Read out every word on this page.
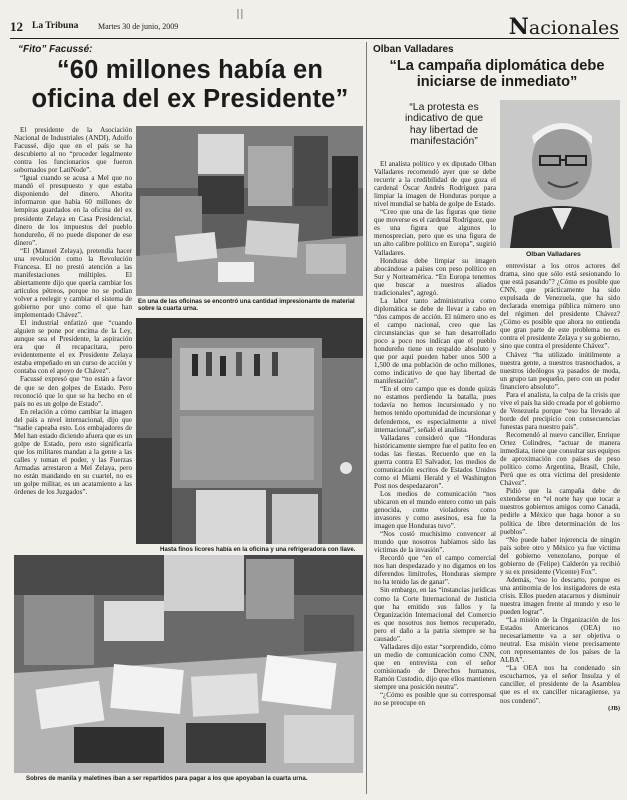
12 La Tribuna Martes 30 de junio, 2009	Nacionales
II
“Fito” Facussé:
“60 millones había en oficina del ex Presidente”

El presidente de la Asociación Nacional de Industriales (ANDI), Adolfo Facussé, dijo que en el país se ha descubierto al no “proceder legalmente contra los funcionarios que fueron sobornados por LatiNode”.

“Igual cuando se acusa a Mel que no mandó el presupuesto y que estaba disponiendo del dinero. Ahorita informaron que había 60 millones de lempiras guardados en la oficina del ex presidente Zelaya en Casa Presidencial, dinero de los impuestos del pueblo hondureño, él no puede disponer de ese dinero”.

“El (Manuel Zelaya), pretendía hacer una revolución como la Revolución Francesa. El no prestó atención a las manifestaciones múltiples. El abiertamente dijo que quería cambiar los artículos pétreos, porque no se podían volver a reelegir y cambiar el sistema de gobierno por uno como el que han implementado Chávez”.

El industrial enfatizó que “cuando alguien se pone por encima de la Ley, aunque sea el Presidente, la aspiración era que él recapacitara, pero evidentemente el ex Presidente Zelaya estaba empeñado en un curso de acción y contaba con el apoyo de Chávez”.

Facussé expresó que “no están a favor de que se den golpes de Estado. Pero reconoció que lo que se ha hecho en el país no es un golpe de Estado”.

En relación a cómo cambiar la imagen del país a nivel internacional, dijo que “nadie capeaba esto. Los embajadores de Mel han estado diciendo afuera que es un golpe de Estado, pero esto significaría que los militares mandan a la gente a las calles y toman el poder, y las Fuerzas Armadas arrestaron a Mel Zelaya, pero no están mandando en su cuartel, no es un golpe militar, es un acatamiento a las órdenes de los Juzgados”.

En una de las oficinas se encontró una cantidad impresionante de material sobre la cuarta urna.
Hasta finos licores había en la oficina y una refrigeradora con llave.
Sobres de manila y maletines iban a ser repartidos para pagar a los que apoyaban la cuarta urna.
Olban Valladares
“La campaña diplomática debe iniciarse de inmediato”
“La protesta es indicativo de que hay libertad de manifestación”
Olban Valladares

El analista político y ex diputado Olban Valladares recomendó ayer que se debe recurrir a la credibilidad de que goza el cardenal Óscar Andrés Rodríguez para limpiar la imagen de Honduras porque a nivel mundial se habla de golpe de Estado.

“Creo que una de las figuras que tiene que moverse es el cardenal Rodríguez, que es una figura que algunos lo menosprecian, pero que es una figura de un alto calibre político en Europa”, sugirió Valladares.

Honduras debe limpiar su imagen abocándose a países con peso político en Sur y Norteamérica. “En Europa tenemos que buscar a nuestros aliados tradicionales”, agregó.

La labor tanto administrativa como diplomática se debe de llevar a cabo en “dos campos de acción. El número uno es el campo nacional, creo que las circunstancias que se han desarrollado poco a poco nos indican que el pueblo hondureño tiene un respaldo absoluto y que por aquí pueden haber unos 500 a 1,500 de una población de ocho millones, como indicativo de que hay libertad de manifestación”.

“En el otro campo que es donde quizás no estamos perdiendo la batalla, pues todavía no hemos incursionado y no hemos tenido oportunidad de incursionar y defendernos, es especialmente a nivel internacional”, señaló el analista.

Valladares consideró que “Honduras históricamente siempre fue el patito feo en todas las fiestas. Recuerdo que en la guerra contra El Salvador, los medios de comunicación escritos de Estados Unidos como el Miami Herald y el Washington Post nos despedazaron”.

Los medios de comunicación “nos ubicaron en el mundo entero como un país genocida, como violadores como invasores y como asesinos, esa fue la imagen que Honduras tuvo”.

“Nos costó muchísimo convencer al mundo que nosotros habíamos sido las víctimas de la invasión”.

Recordó que “en el campo comercial nos han despedazado y no digamos en los diferendos limítrofes, Honduras siempre no ha tenido las de ganar”.

Sin embargo, en las “instancias jurídicas como la Corte Internacional de Justicia que ha emitido sus fallos y la Organización Internacional del Comercio es que nosotros nos hemos recuperado, pero el daño a la patria siempre se ha causado”.

Valladares dijo estar “sorprendido, cómo un medio de comunicación como CNN, que en entrevista con el señor comisionado de Derechos humanos, Ramón Custodio, dijo que ellos mantienen siempre una posición neutra”.

“¿Cómo es posible que su corresponsal no se preocupe en

entrevistar a los otros actores del drama, sino que sólo está sesionando lo que está pasando”? ¿Cómo es posible que CNN, que prácticamente ha sido expulsada de Venezuela, que ha sido declarada enemiga pública número uno del régimen del presidente Chávez? ¿Cómo es posible que ahora no entienda que gran parte de este problema no es contra el presidente Zelaya y su gobierno, sino que contra el presidente Chávez”.

Chávez “ha utilizado inútilmente a nuestra gente, a nuestros trasnochados, a nuestros ideólogos ya pasados de moda, un grupo tan pequeño, pero con un poder financiero absoluto”.

Para el analista, la culpa de la crisis que vive el país ha sido creada por el gobierno de Venezuela porque “eso ha llevado al borde del precipicio con consecuencias funestas para nuestro país”.

Recomendó al nuevo canciller, Enrique Ortez Colindres, “actuar de manera inmediata, tiene que consultar sus equipos de aproximación con países de peso político como Argentina, Brasil, Chile, Perú que es otra víctima del presidente Chávez”.

Pidió que la campaña debe de extenderse en “el norte hay que tocar a nuestros gobiernos amigos como Canadá, pedirle a México que haga honor a su política de libre determinación de los pueblos”.

“No puede haber injerencia de ningún país sobre otro y México ya fue víctima del gobierno venezolano, porque el gobierno de (Felipe) Calderón ya recibió y su ex presidente (Vicente) Fox”.

Además, “eso lo descarto, porque es una antinomia de los instigadores de esta crisis. Ellos pueden atacarnos y disminuir nuestra imagen frente al mundo y eso le pueden lograr”.

“La misión de la Organización de los Estados Americanos (OEA) no necesariamente va a ser objetiva o neutral. Esa misión viene precisamente con representantes de los países de la ALBA”.

“La OEA nos ha condenado sin escucharnos, ya el señor Insulza y el canciller, el presidente de la Asamblea que es el ex canciller nicaragüense, ya nos condenó”.

(JB)
